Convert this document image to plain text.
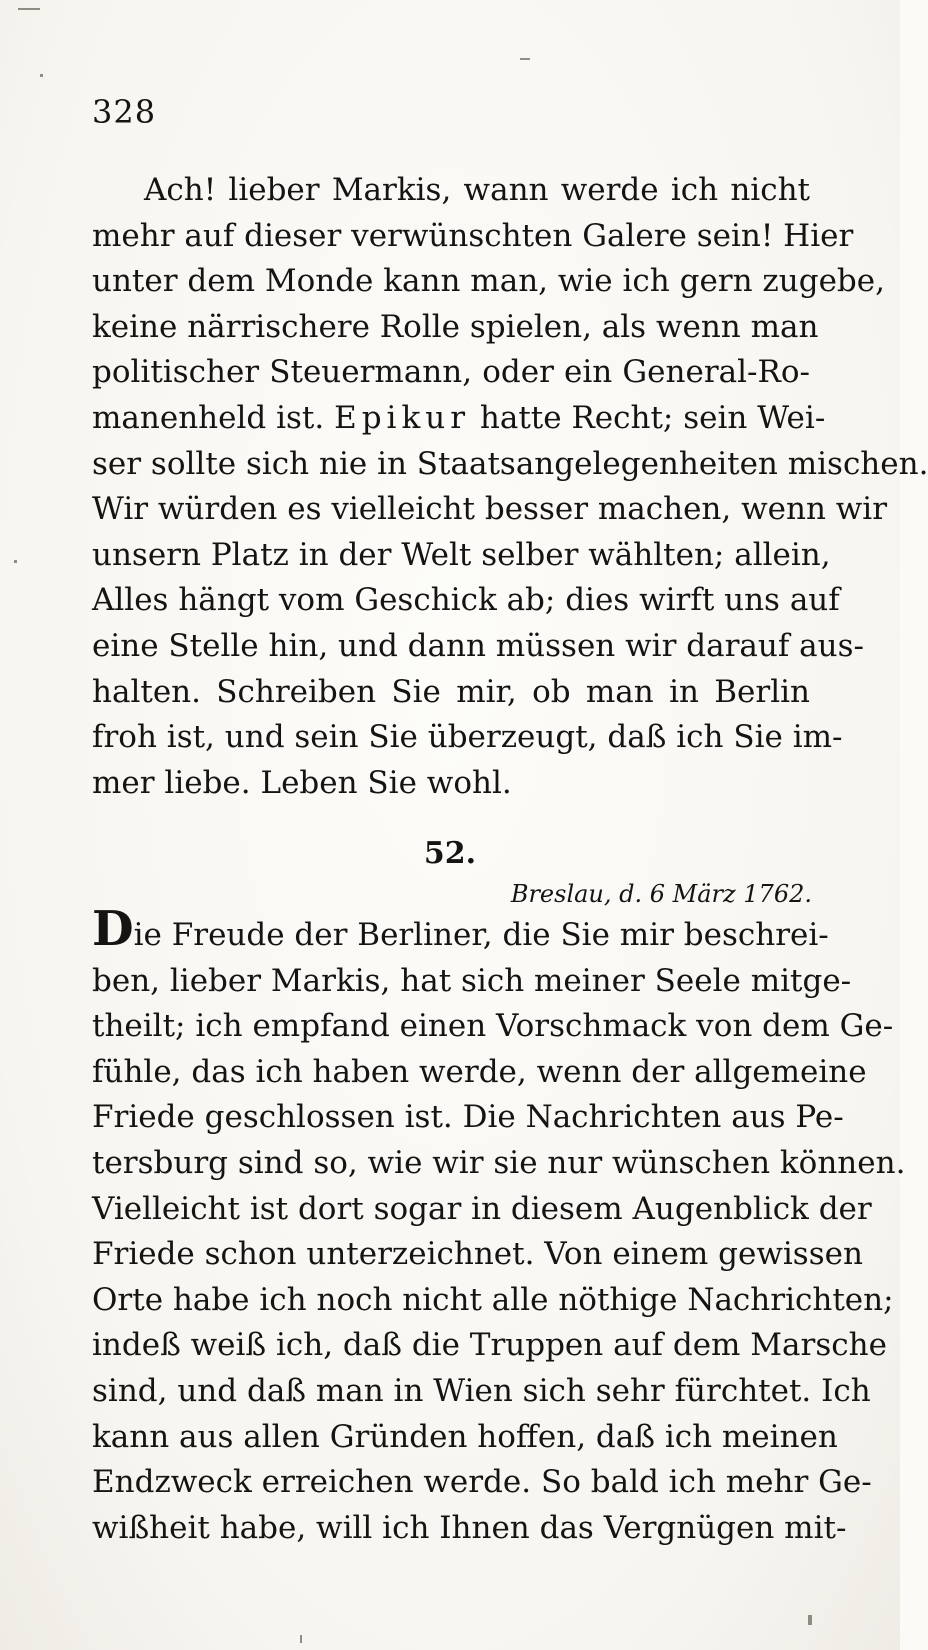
328
Ach! lieber Markis, wann werde ich nicht
mehr auf dieser verwünschten Galere sein! Hier
unter dem Monde kann man, wie ich gern zugebe,
keine närrischere Rolle spielen, als wenn man
politischer Steuermann, oder ein General-Ro-
manenheld ist. Epikur hatte Recht; sein Wei-
ser sollte sich nie in Staatsangelegenheiten mischen.
Wir würden es vielleicht besser machen, wenn wir
unsern Platz in der Welt selber wählten; allein,
Alles hängt vom Geschick ab; dies wirft uns auf
eine Stelle hin, und dann müssen wir darauf aus-
halten. Schreiben Sie mir, ob man in Berlin
froh ist, und sein Sie überzeugt, daß ich Sie im-
mer liebe. Leben Sie wohl.
52.
Breslau, d. 6 März 1762.
Die Freude der Berliner, die Sie mir beschrei-
ben, lieber Markis, hat sich meiner Seele mitge-
theilt; ich empfand einen Vorschmack von dem Ge-
fühle, das ich haben werde, wenn der allgemeine
Friede geschlossen ist. Die Nachrichten aus Pe-
tersburg sind so, wie wir sie nur wünschen können.
Vielleicht ist dort sogar in diesem Augenblick der
Friede schon unterzeichnet. Von einem gewissen
Orte habe ich noch nicht alle nöthige Nachrichten;
indeß weiß ich, daß die Truppen auf dem Marsche
sind, und daß man in Wien sich sehr fürchtet. Ich
kann aus allen Gründen hoffen, daß ich meinen
Endzweck erreichen werde. So bald ich mehr Ge-
wißheit habe, will ich Ihnen das Vergnügen mit-
